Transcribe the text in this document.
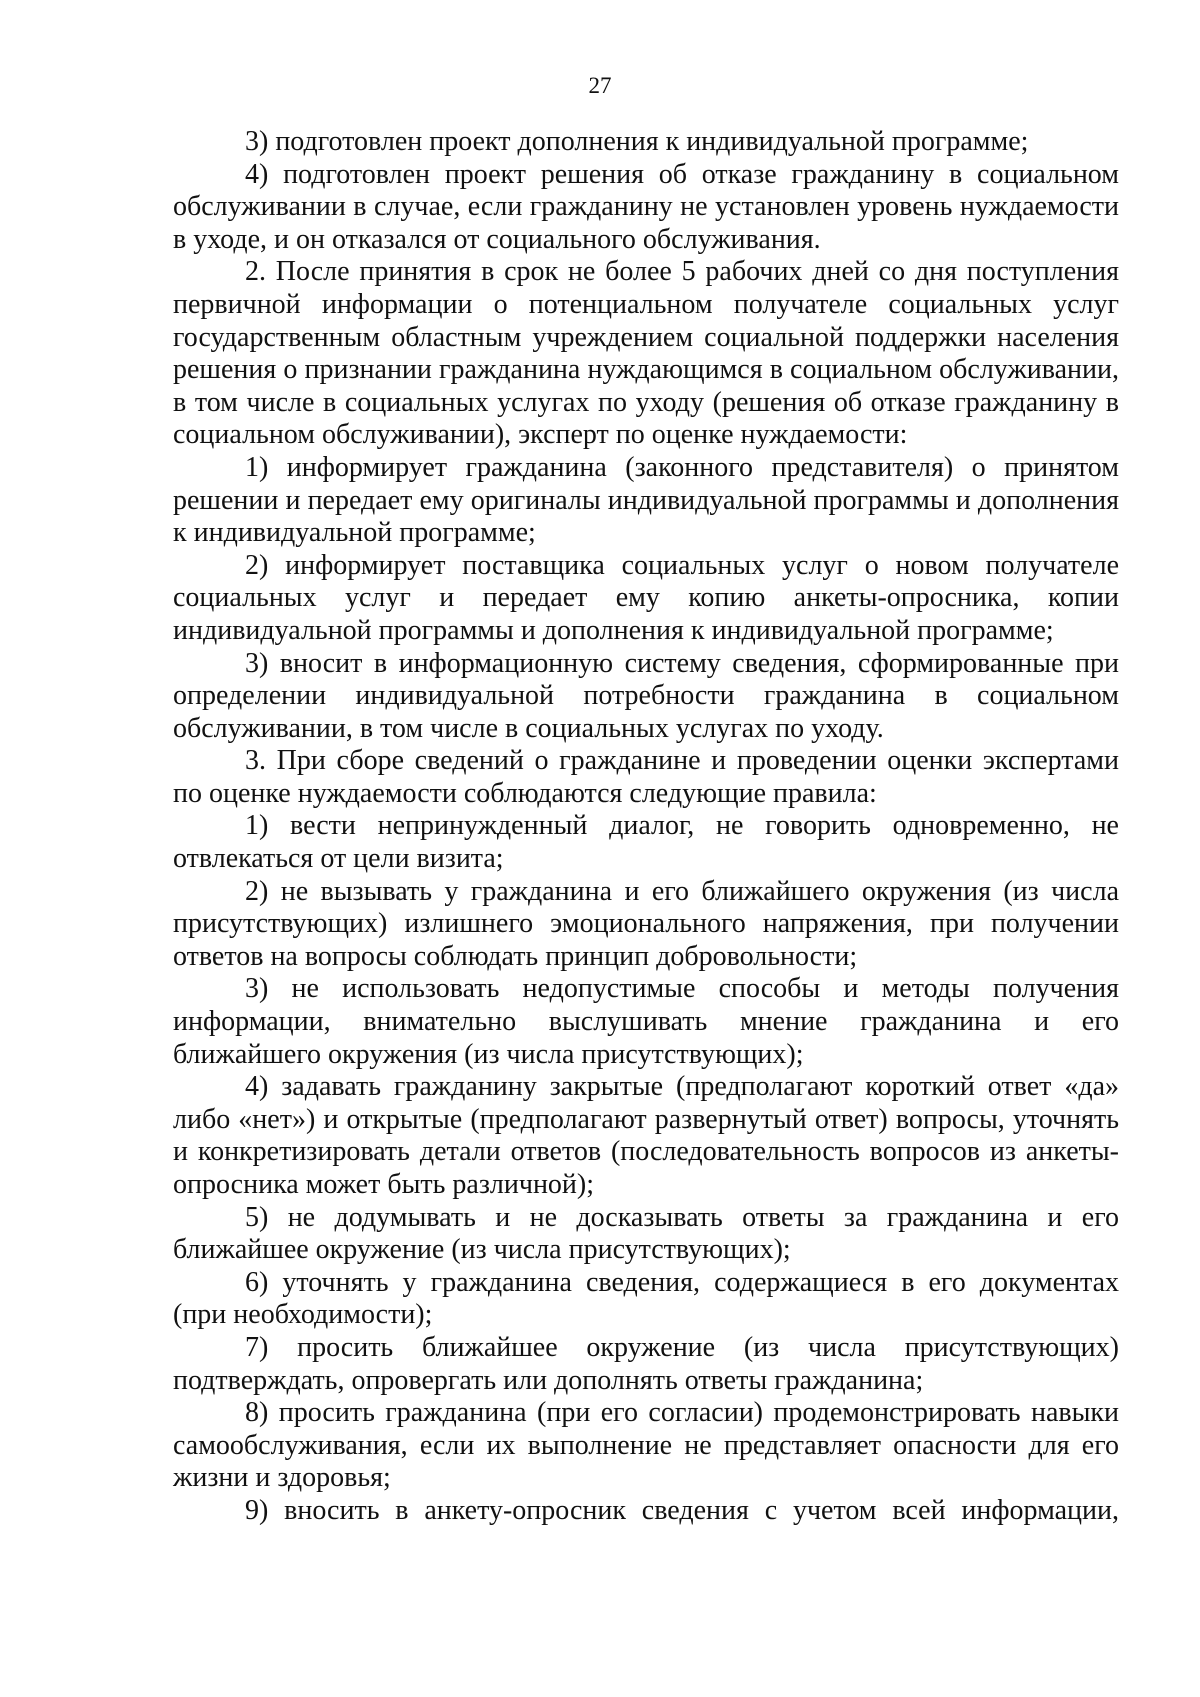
27

3) подготовлен проект дополнения к индивидуальной программе;

4) подготовлен проект решения об отказе гражданину в социальном обслуживании в случае, если гражданину не установлен уровень нуждаемости в уходе, и он отказался от социального обслуживания.

2. После принятия в срок не более 5 рабочих дней со дня поступления первичной информации о потенциальном получателе социальных услуг государственным областным учреждением социальной поддержки населения решения о признании гражданина нуждающимся в социальном обслуживании, в том числе в социальных услугах по уходу (решения об отказе гражданину в социальном обслуживании), эксперт по оценке нуждаемости:

1) информирует гражданина (законного представителя) о принятом решении и передает ему оригиналы индивидуальной программы и дополнения к индивидуальной программе;

2) информирует поставщика социальных услуг о новом получателе социальных услуг и передает ему копию анкеты-опросника, копии индивидуальной программы и дополнения к индивидуальной программе;

3) вносит в информационную систему сведения, сформированные при определении индивидуальной потребности гражданина в социальном обслуживании, в том числе в социальных услугах по уходу.

3. При сборе сведений о гражданине и проведении оценки экспертами по оценке нуждаемости соблюдаются следующие правила:

1) вести непринужденный диалог, не говорить одновременно, не отвлекаться от цели визита;

2) не вызывать у гражданина и его ближайшего окружения (из числа присутствующих) излишнего эмоционального напряжения, при получении ответов на вопросы соблюдать принцип добровольности;

3) не использовать недопустимые способы и методы получения информации, внимательно выслушивать мнение гражданина и его ближайшего окружения (из числа присутствующих);

4) задавать гражданину закрытые (предполагают короткий ответ «да» либо «нет») и открытые (предполагают развернутый ответ) вопросы, уточнять и конкретизировать детали ответов (последовательность вопросов из анкеты-опросника может быть различной);

5) не додумывать и не досказывать ответы за гражданина и его ближайшее окружение (из числа присутствующих);

6) уточнять у гражданина сведения, содержащиеся в его документах (при необходимости);

7) просить ближайшее окружение (из числа присутствующих) подтверждать, опровергать или дополнять ответы гражданина;

8) просить гражданина (при его согласии) продемонстрировать навыки самообслуживания, если их выполнение не представляет опасности для его жизни и здоровья;

9) вносить в анкету-опросник сведения с учетом всей информации,
